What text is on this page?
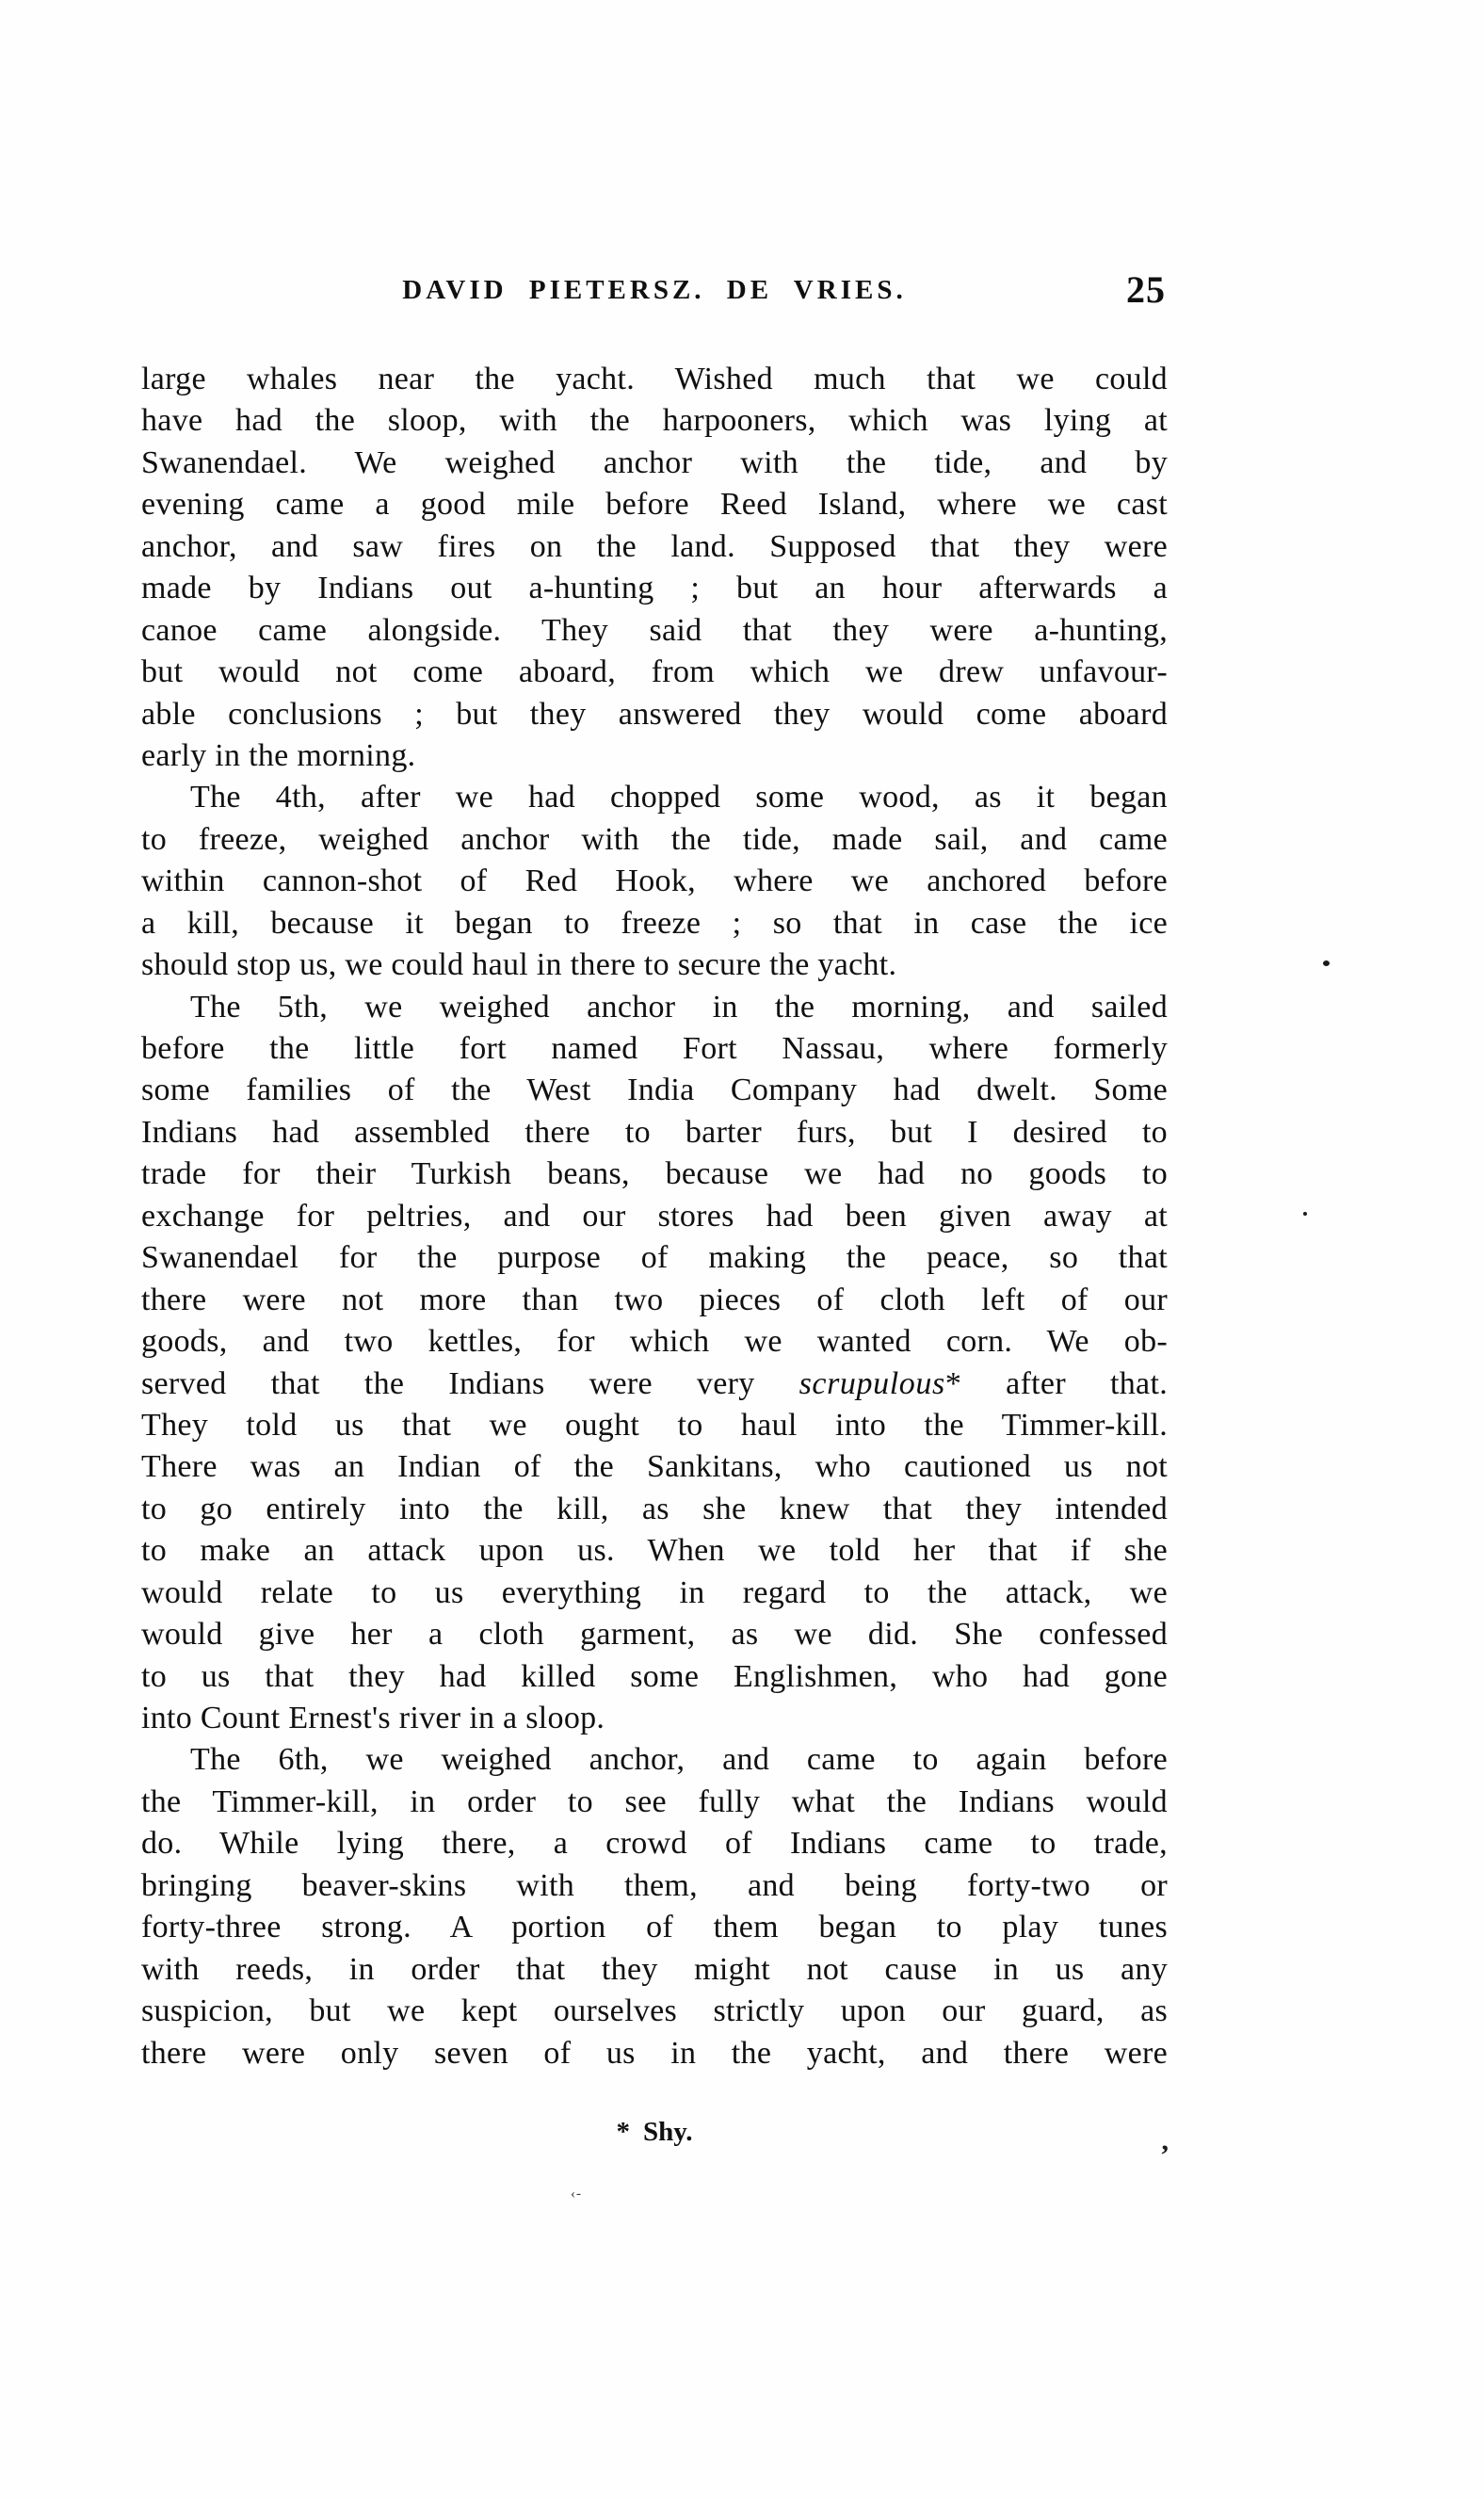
DAVID PIETERSZ. DE VRIES.	25
large whales near the yacht. Wished much that we could
have had the sloop, with the harpooners, which was lying at
Swanendael. We weighed anchor with the tide, and by
evening came a good mile before Reed Island, where we cast
anchor, and saw fires on the land. Supposed that they were
made by Indians out a-hunting ; but an hour afterwards a
canoe came alongside. They said that they were a-hunting,
but would not come aboard, from which we drew unfavour-
able conclusions ; but they answered they would come aboard
early in the morning.
The 4th, after we had chopped some wood, as it began
to freeze, weighed anchor with the tide, made sail, and came
within cannon-shot of Red Hook, where we anchored before
a kill, because it began to freeze ; so that in case the ice
should stop us, we could haul in there to secure the yacht.
The 5th, we weighed anchor in the morning, and sailed
before the little fort named Fort Nassau, where formerly
some families of the West India Company had dwelt. Some
Indians had assembled there to barter furs, but I desired to
trade for their Turkish beans, because we had no goods to
exchange for peltries, and our stores had been given away at
Swanendael for the purpose of making the peace, so that
there were not more than two pieces of cloth left of our
goods, and two kettles, for which we wanted corn. We ob-
served that the Indians were very scrupulous* after that.
They told us that we ought to haul into the Timmer-kill.
There was an Indian of the Sankitans, who cautioned us not
to go entirely into the kill, as she knew that they intended
to make an attack upon us. When we told her that if she
would relate to us everything in regard to the attack, we
would give her a cloth garment, as we did. She confessed
to us that they had killed some Englishmen, who had gone
into Count Ernest's river in a sloop.
The 6th, we weighed anchor, and came to again before
the Timmer-kill, in order to see fully what the Indians would
do. While lying there, a crowd of Indians came to trade,
bringing beaver-skins with them, and being forty-two or
forty-three strong. A portion of them began to play tunes
with reeds, in order that they might not cause in us any
suspicion, but we kept ourselves strictly upon our guard, as
there were only seven of us in the yacht, and there were
* Shy.
’
‹‐
